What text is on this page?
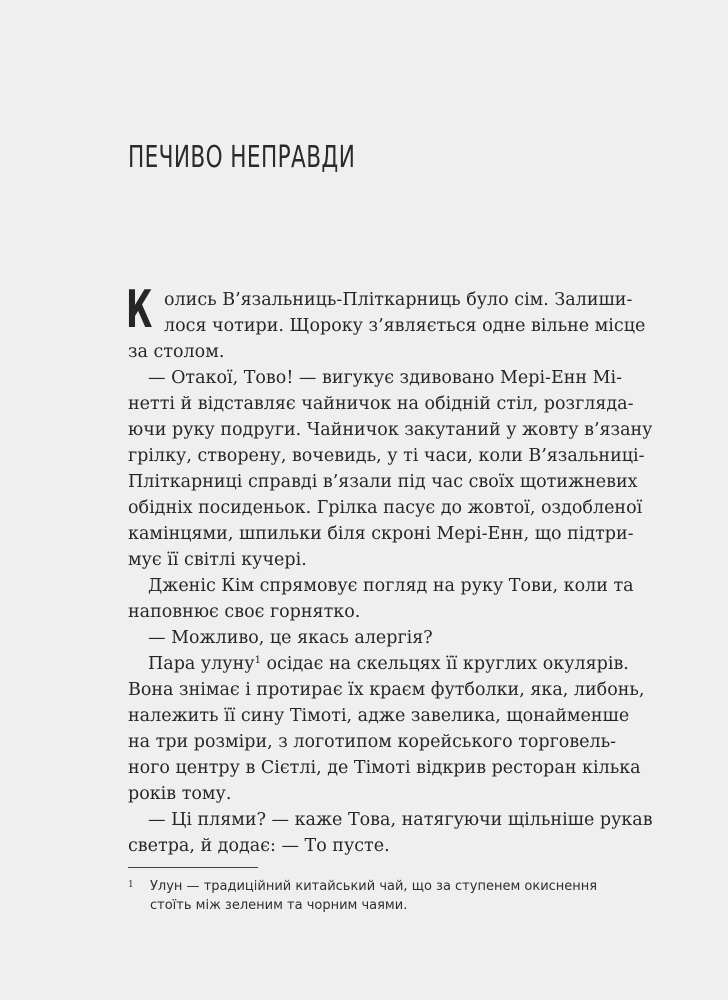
ПЕЧИВО НЕПРАВДИ
К олись В’язальниць-Пліткарниць було сім. Залиши-
лося чотири. Щороку з’являється одне вільне місце
за столом.
— Отакої, Тово! — вигукує здивовано Мері-Енн Мі-
нетті й відставляє чайничок на обідній стіл, розгляда-
ючи руку подруги. Чайничок закутаний у жовту в’язану
грілку, створену, вочевидь, у ті часи, коли В’язальниці-
Пліткарниці справді в’язали під час своїх щотижневих
обідніх посиденьок. Грілка пасує до жовтої, оздобленої
камінцями, шпильки біля скроні Мері-Енн, що підтри-
мує її світлі кучері.
Дженіс Кім спрямовує погляд на руку Тови, коли та
наповнює своє горнятко.
— Можливо, це якась алергія?
Пара улуну$^1$ осідає на скельцях її круглих окулярів.
Вона знімає і протирає їх краєм футболки, яка, либонь,
належить її сину Тімоті, адже завелика, щонайменше
на три розміри, з логотипом корейського торговель-
ного центру в Сієтлі, де Тімоті відкрив ресторан кілька
років тому.
— Ці плями? — каже Това, натягуючи щільніше рукав
светра, й додає: — То пусте.
1 Улун — традиційний китайський чай, що за ступенем окиснення
стоїть між зеленим та чорним чаями.
